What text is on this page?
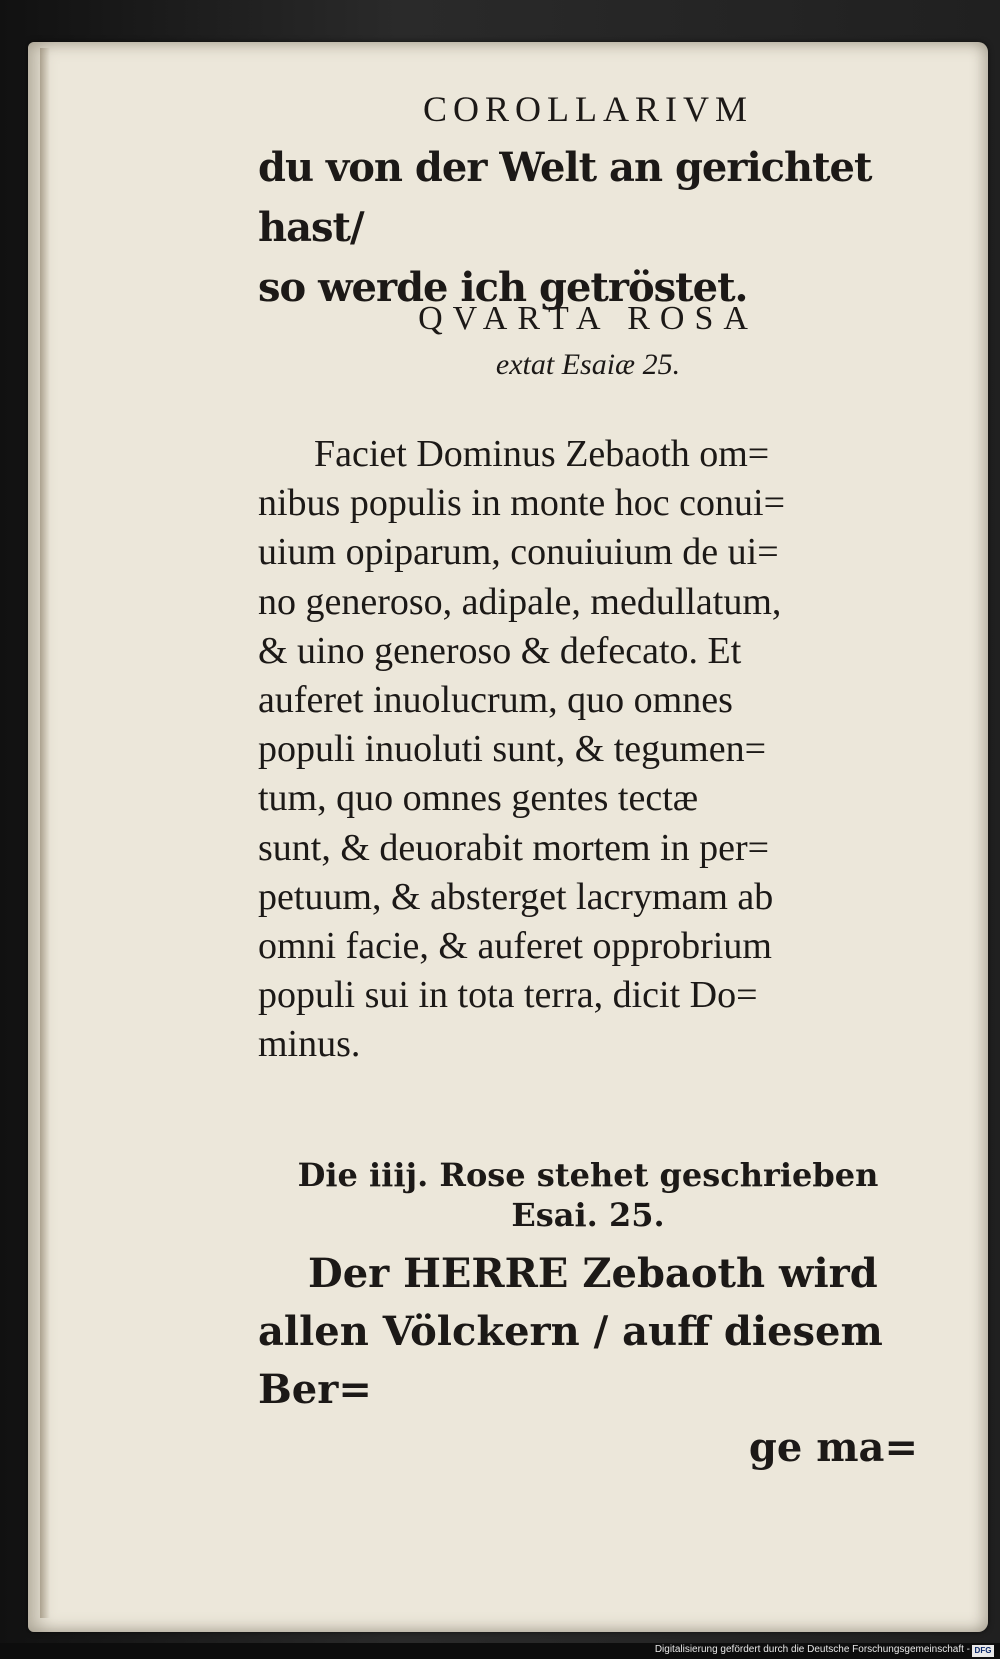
COROLLARIVM
du von der Welt an gerichtet hast/
so werde ich getröstet.
QVARTA ROSA
extat Esaiæ 25.
Faciet Dominus Zebaoth om=
nibus populis in monte hoc conui=
uium opiparum, conuiuium de ui=
no generoso, adipale, medullatum,
& uino generoso & defecato. Et
auferet inuolucrum, quo omnes
populi inuoluti sunt, & tegumen=
tum, quo omnes gentes tectæ
sunt, & deuorabit mortem in per=
petuum, & absterget lacrymam ab
omni facie, & auferet opprobrium
populi sui in tota terra, dicit Do=
minus.
Die iiij. Rose stehet geschrieben
Esai. 25.
Der HERRE Zebaoth wird
allen Völckern / auff diesem Ber=
ge ma=
Digitalisierung gefördert durch die Deutsche Forschungsgemeinschaft - DFG
